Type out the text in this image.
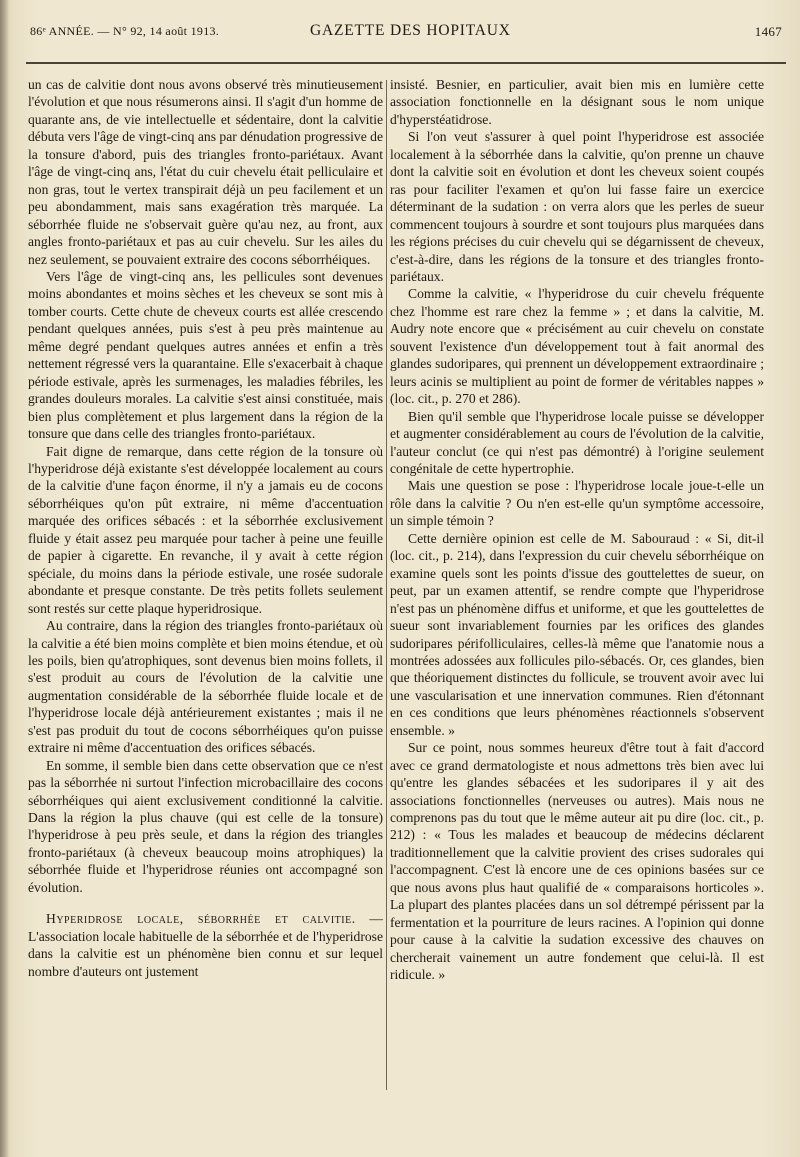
86ᵉ ANNÉE. — N° 92, 14 août 1913.	GAZETTE DES HOPITAUX	1467

un cas de calvitie dont nous avons observé très minutieusement l'évolution et que nous résumerons ainsi. Il s'agit d'un homme de quarante ans, de vie intellectuelle et sédentaire, dont la calvitie débuta vers l'âge de vingt-cinq ans par dénudation progressive de la tonsure d'abord, puis des triangles fronto-pariétaux. Avant l'âge de vingt-cinq ans, l'état du cuir chevelu était pelliculaire et non gras, tout le vertex transpirait déjà un peu facilement et un peu abondamment, mais sans exagération très marquée. La séborrhée fluide ne s'observait guère qu'au nez, au front, aux angles fronto-pariétaux et pas au cuir chevelu. Sur les ailes du nez seulement, se pouvaient extraire des cocons séborrhéiques.

Vers l'âge de vingt-cinq ans, les pellicules sont devenues moins abondantes et moins sèches et les cheveux se sont mis à tomber courts. Cette chute de cheveux courts est allée crescendo pendant quelques années, puis s'est à peu près maintenue au même degré pendant quelques autres années et enfin a très nettement régressé vers la quarantaine. Elle s'exacerbait à chaque période estivale, après les surmenages, les maladies fébriles, les grandes douleurs morales. La calvitie s'est ainsi constituée, mais bien plus complètement et plus largement dans la région de la tonsure que dans celle des triangles fronto-pariétaux.

Fait digne de remarque, dans cette région de la tonsure où l'hyperidrose déjà existante s'est développée localement au cours de la calvitie d'une façon énorme, il n'y a jamais eu de cocons séborrhéiques qu'on pût extraire, ni même d'accentuation marquée des orifices sébacés : et la séborrhée exclusivement fluide y était assez peu marquée pour tacher à peine une feuille de papier à cigarette. En revanche, il y avait à cette région spéciale, du moins dans la période estivale, une rosée sudorale abondante et presque constante. De très petits follets seulement sont restés sur cette plaque hyperidrosique.

Au contraire, dans la région des triangles fronto-pariétaux où la calvitie a été bien moins complète et bien moins étendue, et où les poils, bien qu'atrophiques, sont devenus bien moins follets, il s'est produit au cours de l'évolution de la calvitie une augmentation considérable de la séborrhée fluide locale et de l'hyperidrose locale déjà antérieurement existantes ; mais il ne s'est pas produit du tout de cocons séborrhéiques qu'on puisse extraire ni même d'accentuation des orifices sébacés.

En somme, il semble bien dans cette observation que ce n'est pas la séborrhée ni surtout l'infection microbacillaire des cocons séborrhéiques qui aient exclusivement conditionné la calvitie. Dans la région la plus chauve (qui est celle de la tonsure) l'hyperidrose à peu près seule, et dans la région des triangles fronto-pariétaux (à cheveux beaucoup moins atrophiques) la séborrhée fluide et l'hyperidrose réunies ont accompagné son évolution.

Hyperidrose locale, séborrhée et calvitie. — L'association locale habituelle de la séborrhée et de l'hyperidrose dans la calvitie est un phénomène bien connu et sur lequel nombre d'auteurs ont justement

insisté. Besnier, en particulier, avait bien mis en lumière cette association fonctionnelle en la désignant sous le nom unique d'hyperstéatidrose.

Si l'on veut s'assurer à quel point l'hyperidrose est associée localement à la séborrhée dans la calvitie, qu'on prenne un chauve dont la calvitie soit en évolution et dont les cheveux soient coupés ras pour faciliter l'examen et qu'on lui fasse faire un exercice déterminant de la sudation : on verra alors que les perles de sueur commencent toujours à sourdre et sont toujours plus marquées dans les régions précises du cuir chevelu qui se dégarnissent de cheveux, c'est-à-dire, dans les régions de la tonsure et des triangles fronto-pariétaux.

Comme la calvitie, « l'hyperidrose du cuir chevelu fréquente chez l'homme est rare chez la femme » ; et dans la calvitie, M. Audry note encore que « précisément au cuir chevelu on constate souvent l'existence d'un développement tout à fait anormal des glandes sudoripares, qui prennent un développement extraordinaire ; leurs acinis se multiplient au point de former de véritables nappes » (loc. cit., p. 270 et 286).

Bien qu'il semble que l'hyperidrose locale puisse se développer et augmenter considérablement au cours de l'évolution de la calvitie, l'auteur conclut (ce qui n'est pas démontré) à l'origine seulement congénitale de cette hypertrophie.

Mais une question se pose : l'hyperidrose locale joue-t-elle un rôle dans la calvitie ? Ou n'en est-elle qu'un symptôme accessoire, un simple témoin ?

Cette dernière opinion est celle de M. Sabouraud : « Si, dit-il (loc. cit., p. 214), dans l'expression du cuir chevelu séborrhéique on examine quels sont les points d'issue des gouttelettes de sueur, on peut, par un examen attentif, se rendre compte que l'hyperidrose n'est pas un phénomène diffus et uniforme, et que les gouttelettes de sueur sont invariablement fournies par les orifices des glandes sudoripares périfolliculaires, celles-là même que l'anatomie nous a montrées adossées aux follicules pilo-sébacés. Or, ces glandes, bien que théoriquement distinctes du follicule, se trouvent avoir avec lui une vascularisation et une innervation communes. Rien d'étonnant en ces conditions que leurs phénomènes réactionnels s'observent ensemble. »

Sur ce point, nous sommes heureux d'être tout à fait d'accord avec ce grand dermatologiste et nous admettons très bien avec lui qu'entre les glandes sébacées et les sudoripares il y ait des associations fonctionnelles (nerveuses ou autres). Mais nous ne comprenons pas du tout que le même auteur ait pu dire (loc. cit., p. 212) : « Tous les malades et beaucoup de médecins déclarent traditionnellement que la calvitie provient des crises sudorales qui l'accompagnent. C'est là encore une de ces opinions basées sur ce que nous avons plus haut qualifié de « comparaisons horticoles ». La plupart des plantes placées dans un sol détrempé périssent par la fermentation et la pourriture de leurs racines. A l'opinion qui donne pour cause à la calvitie la sudation excessive des chauves on chercherait vainement un autre fondement que celui-là. Il est ridicule. »
